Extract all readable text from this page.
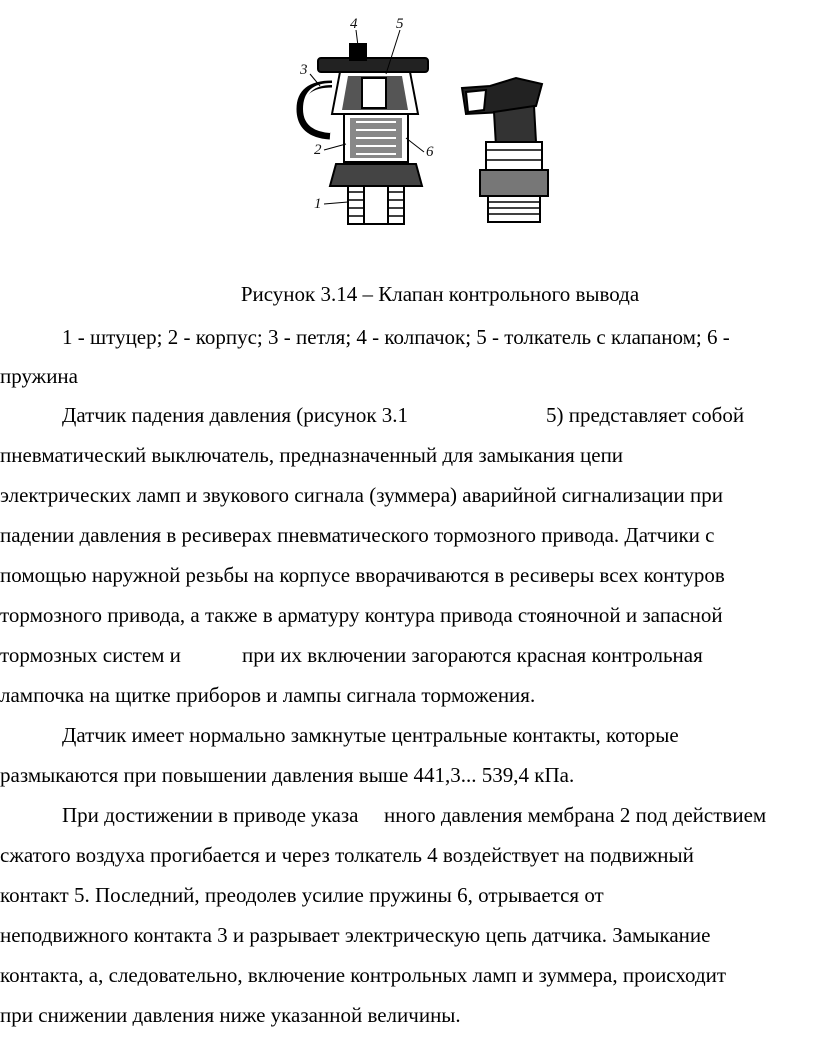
4	5
3
2	6
1
Рисунок 3.14 – Клапан контрольного вывода
1 - штуцер; 2 - корпус; 3 - петля; 4 - колпачок; 5 - толкатель с клапаном; 6 -
пружина
Датчик падения давления (рисунок 3.1	5) представляет собой
пневматический выключатель, предназначенный для замыкания цепи
электрических ламп и звукового сигнала (зуммера) аварийной сигнализации при
падении давления в ресиверах пневматического тормозного привода. Датчики с
помощью наружной резьбы на корпусе вворачиваются в ресиверы всех контуров
тормозного привода, а также в арматуру контура привода стояночной и запасной
тормозных систем и	при их включении загораются красная контрольная
лампочка на щитке приборов и лампы сигнала торможения.
Датчик имеет нормально замкнутые центральные контакты, которые
размыкаются при повышении давления выше 441,3... 539,4 кПа.
При достижении в приводе указа нного давления мембрана 2 под действием
сжатого воздуха прогибается и через толкатель 4 воздействует на подвижный
контакт 5. Последний, преодолев усилие пружины 6, отрывается от
неподвижного контакта 3 и разрывает электрическую цепь датчика. Замыкание
контакта, а, следовательно, включение контрольных ламп и зуммера, происходит
при снижении давления ниже указанной величины.
